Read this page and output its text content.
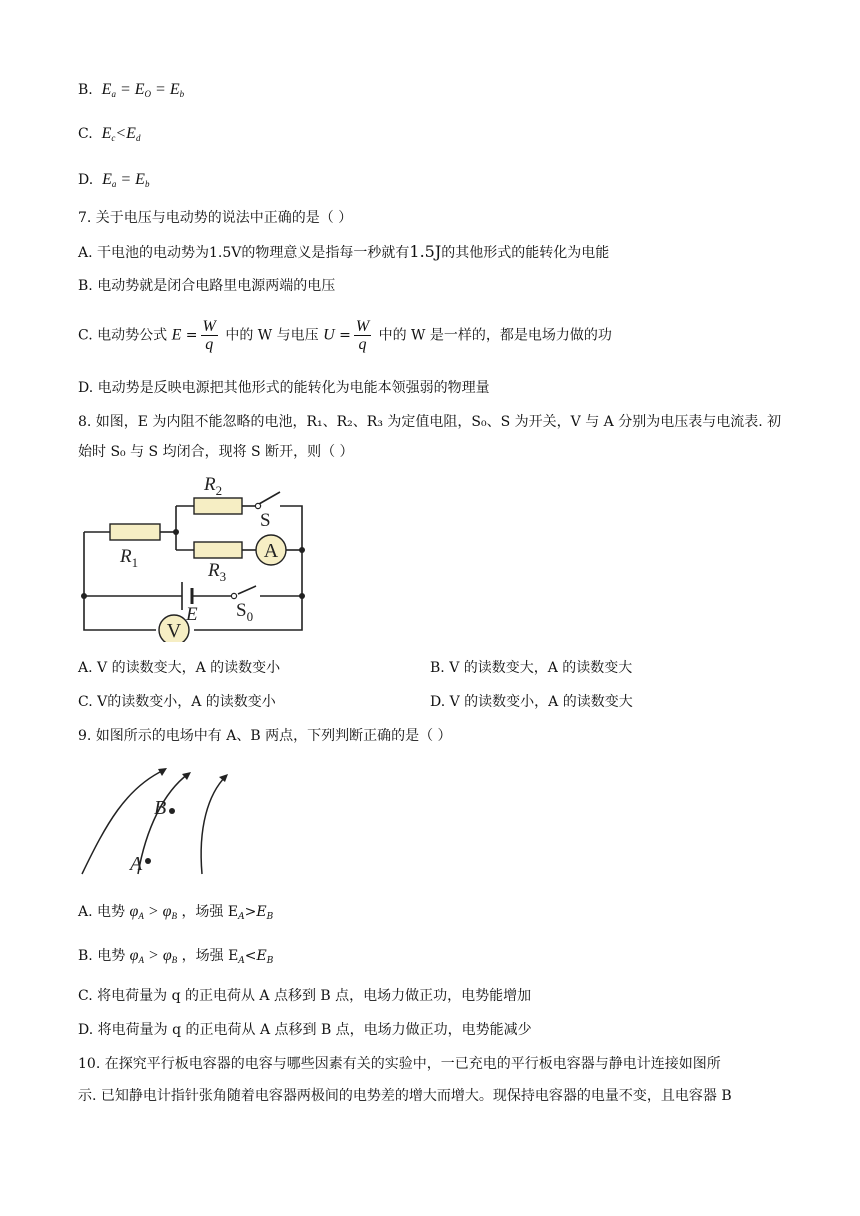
B. $E_a = E_O = E_b$
C. $E_c<E_d$
D. $E_a = E_b$
7. 关于电压与电动势的说法中正确的是（ ）
A. 干电池的电动势为1.5V的物理意义是指每一秒就有1.5J的其他形式的能转化为电能
B. 电动势就是闭合电路里电源两端的电压
C. 电动势公式 $E = \frac{W}{q}$ 中的 W 与电压 $U = \frac{W}{q}$ 中的 W 是一样的，都是电场力做的功
D. 电动势是反映电源把其他形式的能转化为电能本领强弱的物理量
8. 如图，E 为内阻不能忽略的电池，R₁、R₂、R₃ 为定值电阻，S₀、S 为开关，V 与 A 分别为电压表与电流表. 初
始时 S₀ 与 S 均闭合，现将 S 断开，则（ ）
A
V
$R_2$
$R_1$	$R_3$
S
$S_0$
E
A. V 的读数变大，A 的读数变小	B. V 的读数变大，A 的读数变大
C. V的读数变小，A 的读数变小	D. V 的读数变小，A 的读数变大
9. 如图所示的电场中有 A、B 两点，下列判断正确的是（ ）
A
B
A. 电势 $\varphi_A > \varphi_B$ ，场强 $E_A>E_B$
B. 电势 $\varphi_A > \varphi_B$ ，场强 $E_A<E_B$
C. 将电荷量为 q 的正电荷从 A 点移到 B 点，电场力做正功，电势能增加
D. 将电荷量为 q 的正电荷从 A 点移到 B 点，电场力做正功，电势能减少
10. 在探究平行板电容器的电容与哪些因素有关的实验中，一已充电的平行板电容器与静电计连接如图所
示. 已知静电计指针张角随着电容器两极间的电势差的增大而增大。现保持电容器的电量不变，且电容器 B
